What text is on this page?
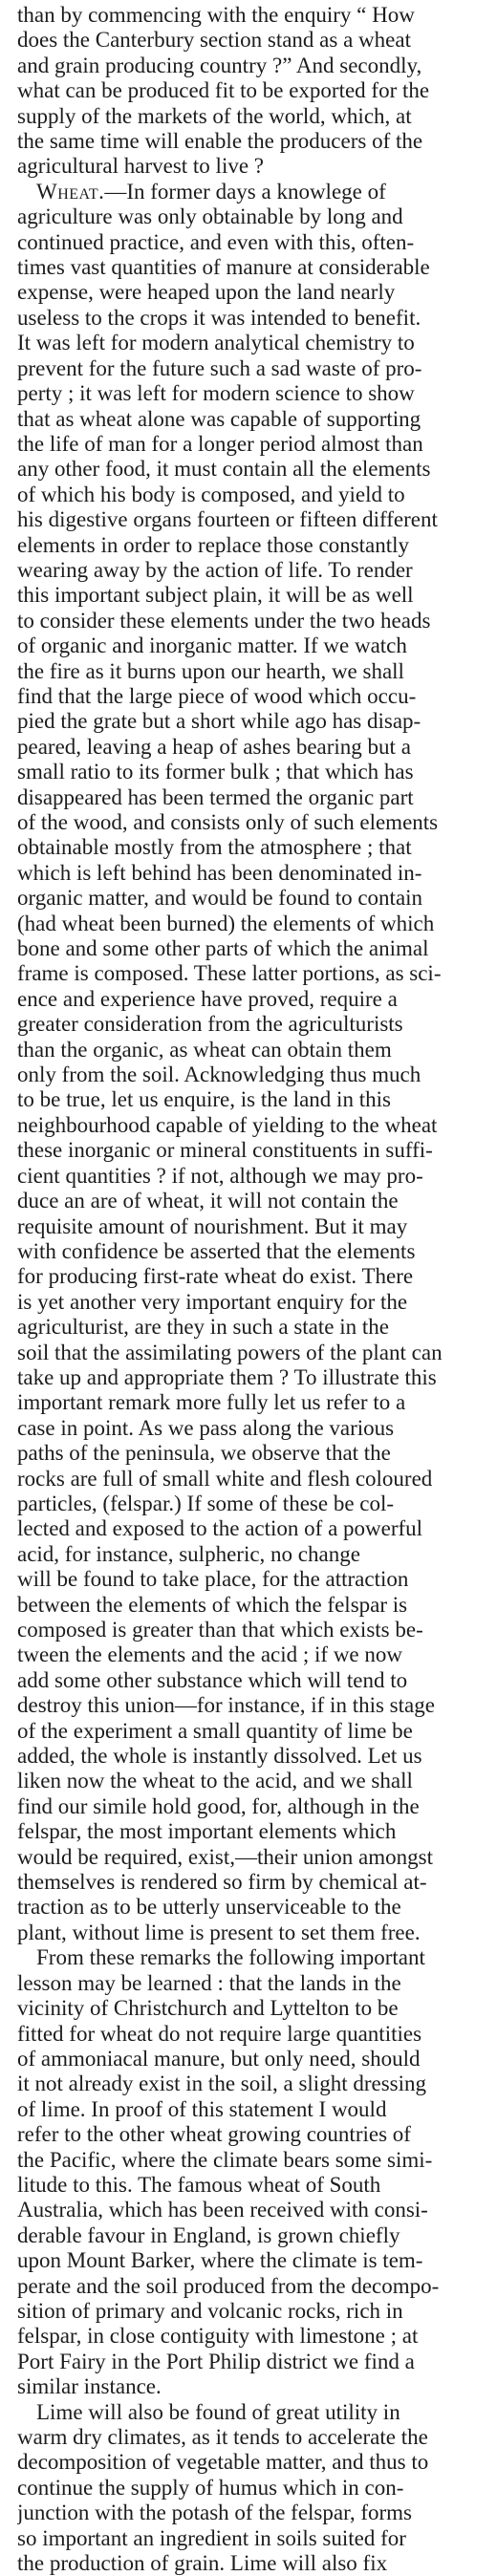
than by commencing with the enquiry “ How
does the Canterbury section stand as a wheat
and grain producing country ?” And secondly,
what can be produced fit to be exported for the
supply of the markets of the world, which, at
the same time will enable the producers of the
agricultural harvest to live ?
Wheat.—In former days a knowlege of
agriculture was only obtainable by long and
continued practice, and even with this, often-
times vast quantities of manure at considerable
expense, were heaped upon the land nearly
useless to the crops it was intended to benefit.
It was left for modern analytical chemistry to
prevent for the future such a sad waste of pro-
perty ; it was left for modern science to show
that as wheat alone was capable of supporting
the life of man for a longer period almost than
any other food, it must contain all the elements
of which his body is composed, and yield to
his digestive organs fourteen or fifteen different
elements in order to replace those constantly
wearing away by the action of life. To render
this important subject plain, it will be as well
to consider these elements under the two heads
of organic and inorganic matter. If we watch
the fire as it burns upon our hearth, we shall
find that the large piece of wood which occu-
pied the grate but a short while ago has disap-
peared, leaving a heap of ashes bearing but a
small ratio to its former bulk ; that which has
disappeared has been termed the organic part
of the wood, and consists only of such elements
obtainable mostly from the atmosphere ; that
which is left behind has been denominated in-
organic matter, and would be found to contain
(had wheat been burned) the elements of which
bone and some other parts of which the animal
frame is composed. These latter portions, as sci-
ence and experience have proved, require a
greater consideration from the agriculturists
than the organic, as wheat can obtain them
only from the soil. Acknowledging thus much
to be true, let us enquire, is the land in this
neighbourhood capable of yielding to the wheat
these inorganic or mineral constituents in suffi-
cient quantities ? if not, although we may pro-
duce an are of wheat, it will not contain the
requisite amount of nourishment. But it may
with confidence be asserted that the elements
for producing first-rate wheat do exist. There
is yet another very important enquiry for the
agriculturist, are they in such a state in the
soil that the assimilating powers of the plant can
take up and appropriate them ? To illustrate this
important remark more fully let us refer to a
case in point. As we pass along the various
paths of the peninsula, we observe that the
rocks are full of small white and flesh coloured
particles, (felspar.) If some of these be col-
lected and exposed to the action of a powerful
acid, for instance, sulpheric, no change
will be found to take place, for the attraction
between the elements of which the felspar is
composed is greater than that which exists be-
tween the elements and the acid ; if we now
add some other substance which will tend to
destroy this union—for instance, if in this stage
of the experiment a small quantity of lime be
added, the whole is instantly dissolved. Let us
liken now the wheat to the acid, and we shall
find our simile hold good, for, although in the
felspar, the most important elements which
would be required, exist,—their union amongst
themselves is rendered so firm by chemical at-
traction as to be utterly unserviceable to the
plant, without lime is present to set them free.
From these remarks the following important
lesson may be learned : that the lands in the
vicinity of Christchurch and Lyttelton to be
fitted for wheat do not require large quantities
of ammoniacal manure, but only need, should
it not already exist in the soil, a slight dressing
of lime. In proof of this statement I would
refer to the other wheat growing countries of
the Pacific, where the climate bears some simi-
litude to this. The famous wheat of South
Australia, which has been received with consi-
derable favour in England, is grown chiefly
upon Mount Barker, where the climate is tem-
perate and the soil produced from the decompo-
sition of primary and volcanic rocks, rich in
felspar, in close contiguity with limestone ; at
Port Fairy in the Port Philip district we find a
similar instance.
Lime will also be found of great utility in
warm dry climates, as it tends to accelerate the
decomposition of vegetable matter, and thus to
continue the supply of humus which in con-
junction with the potash of the felspar, forms
so important an ingredient in soils suited for
the production of grain. Lime will also fix
